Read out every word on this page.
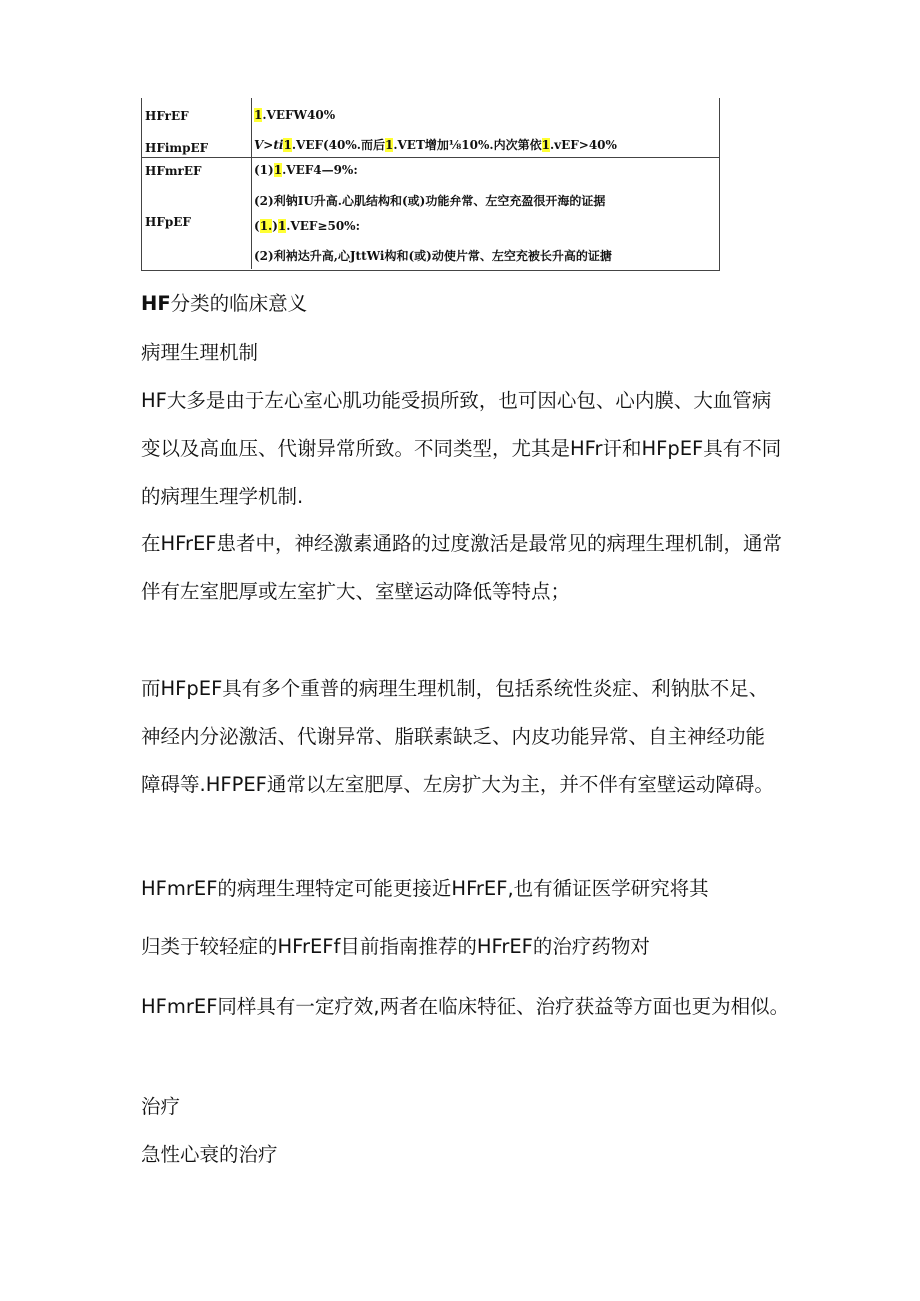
HFrEF	1.VEFW40%
HFimpEF	V>ti1.VEF(40%.而后1.VET增加⅛10%.内次第依1.vEF>40%
HFmrEF	(1)1.VEF4—9%:
(2)利钠IU升高.心肌结构和(或)功能弁常、左空充盈很开海的证据
HFpEF	(1.)1.VEF≥50%:
(2)利衲达升高,心JttWi构和(或)动使片常、左空充被长升高的证搪
HF分类的临床意义
病理生理机制
HF大多是由于左心室心肌功能受损所致，也可因心包、心内膜、大血管病
变以及高血压、代谢异常所致。不同类型，尤其是HFr讦和HFpEF具有不同
的病理生理学机制.
在HFrEF患者中，神经激素通路的过度激活是最常见的病理生理机制，通常
伴有左室肥厚或左室扩大、室壁运动降低等特点；
而HFpEF具有多个重普的病理生理机制，包括系统性炎症、利钠肽不足、
神经内分泌激活、代谢异常、脂联素缺乏、内皮功能异常、自主神经功能
障碍等.HFPEF通常以左室肥厚、左房扩大为主，并不伴有室壁运动障碍。
HFmrEF的病理生理特定可能更接近HFrEF,也有循证医学研究将其
归类于较轻症的HFrEFf目前指南推荐的HFrEF的治疗药物对
HFmrEF同样具有一定疗效,两者在临床特征、治疗获益等方面也更为相似。
治疗
急性心衰的治疗
